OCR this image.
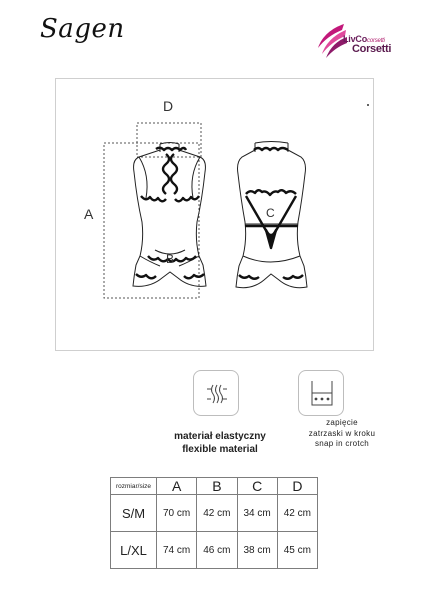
Sagen	LivCocorsetti
Corsetti
D
A
B
C
materiał elastyczny
flexible material
zapięcie
zatrzaski w kroku
snap in crotch
rozmiar/size	A	B	C	D
S/M	70 cm	42 cm	34 cm	42 cm
L/XL	74 cm	46 cm	38 cm	45 cm
